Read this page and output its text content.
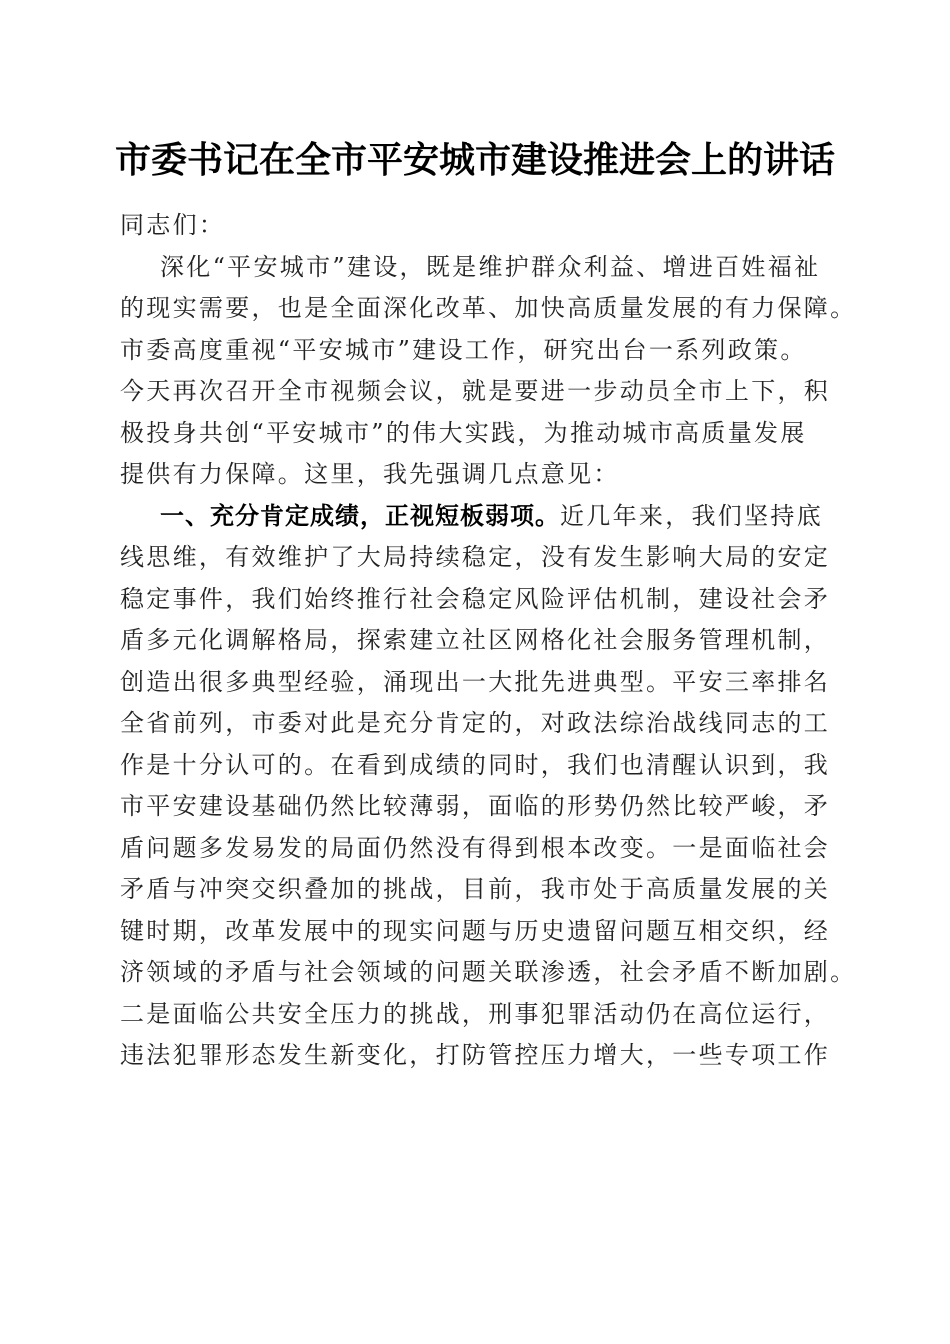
市委书记在全市平安城市建设推进会上的讲话
同志们：
深化“平安城市”建设，既是维护群众利益、增进百姓福祉
的现实需要，也是全面深化改革、加快高质量发展的有力保障。
市委高度重视“平安城市”建设工作，研究出台一系列政策。
今天再次召开全市视频会议，就是要进一步动员全市上下，积
极投身共创“平安城市”的伟大实践，为推动城市高质量发展
提供有力保障。这里，我先强调几点意见：
一、充分肯定成绩，正视短板弱项。近几年来，我们坚持底
线思维，有效维护了大局持续稳定，没有发生影响大局的安定
稳定事件，我们始终推行社会稳定风险评估机制，建设社会矛
盾多元化调解格局，探索建立社区网格化社会服务管理机制，
创造出很多典型经验，涌现出一大批先进典型。平安三率排名
全省前列，市委对此是充分肯定的，对政法综治战线同志的工
作是十分认可的。在看到成绩的同时，我们也清醒认识到，我
市平安建设基础仍然比较薄弱，面临的形势仍然比较严峻，矛
盾问题多发易发的局面仍然没有得到根本改变。一是面临社会
矛盾与冲突交织叠加的挑战，目前，我市处于高质量发展的关
键时期，改革发展中的现实问题与历史遗留问题互相交织，经
济领域的矛盾与社会领域的问题关联渗透，社会矛盾不断加剧。
二是面临公共安全压力的挑战，刑事犯罪活动仍在高位运行，
违法犯罪形态发生新变化，打防管控压力增大，一些专项工作
